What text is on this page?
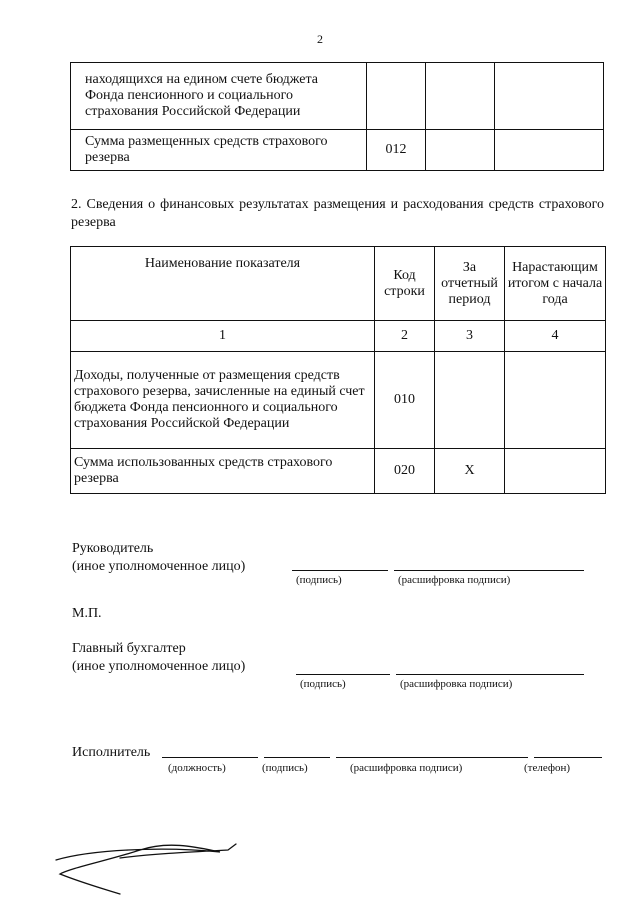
2
находящихся на едином счете бюджета Фонда пенсионного и социального страхования Российской Федерации			
Сумма размещенных средств страхового резерва	012		
2. Сведения о финансовых результатах размещения и расходования средств страхового резерва
Наименование показателя	Код строки	За отчетный период	Нарастающим итогом с начала года
1	2	3	4
Доходы, полученные от размещения средств страхового резерва, зачисленные на единый счет бюджета Фонда пенсионного и социального страхования Российской Федерации	010		
Сумма использованных средств страхового резерва	020	Х	
Руководитель
(иное уполномоченное лицо)
(подпись)	(расшифровка подписи)
М.П.
Главный бухгалтер
(иное уполномоченное лицо)
(подпись)	(расшифровка подписи)
Исполнитель
(должность)	(подпись)	(расшифровка подписи)	(телефон)
